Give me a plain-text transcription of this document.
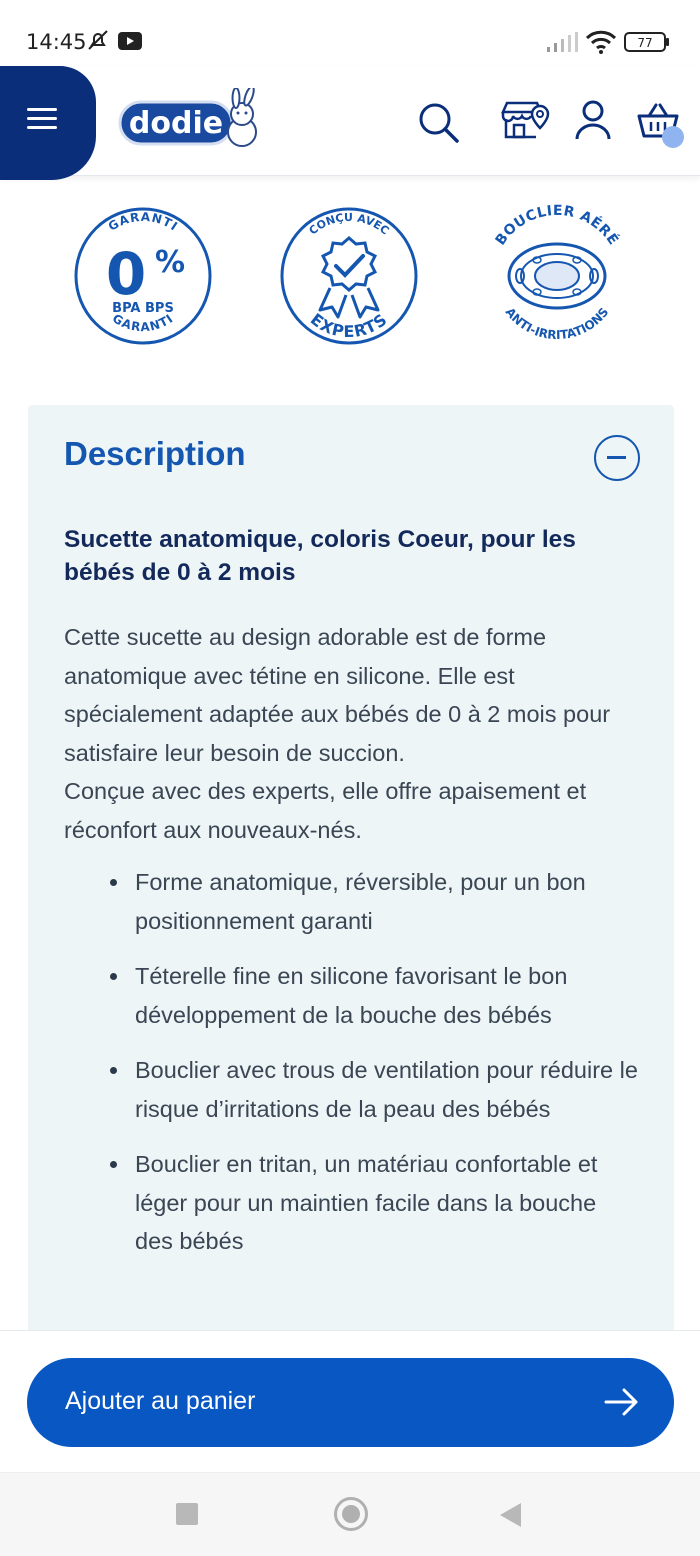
14:45	77
dodie
GARANTI
0 %
BPA BPS
GARANTI
CONÇU AVEC
EXPERTS
BOUCLIER AÉRÉ
ANTI-IRRITATIONS
Description

Sucette anatomique, coloris Coeur, pour les bébés de 0 à 2 mois

Cette sucette au design adorable est de forme anatomique avec tétine en silicone. Elle est spécialement adaptée aux bébés de 0 à 2 mois pour satisfaire leur besoin de succion.

Conçue avec des experts, elle offre apaisement et réconfort aux nouveaux-nés.

Forme anatomique, réversible, pour un bon positionnement garanti
Téterelle fine en silicone favorisant le bon développement de la bouche des bébés
Bouclier avec trous de ventilation pour réduire le risque d’irritations de la peau des bébés
Bouclier en tritan, un matériau confortable et léger pour un maintien facile dans la bouche des bébés
Ajouter au panier
